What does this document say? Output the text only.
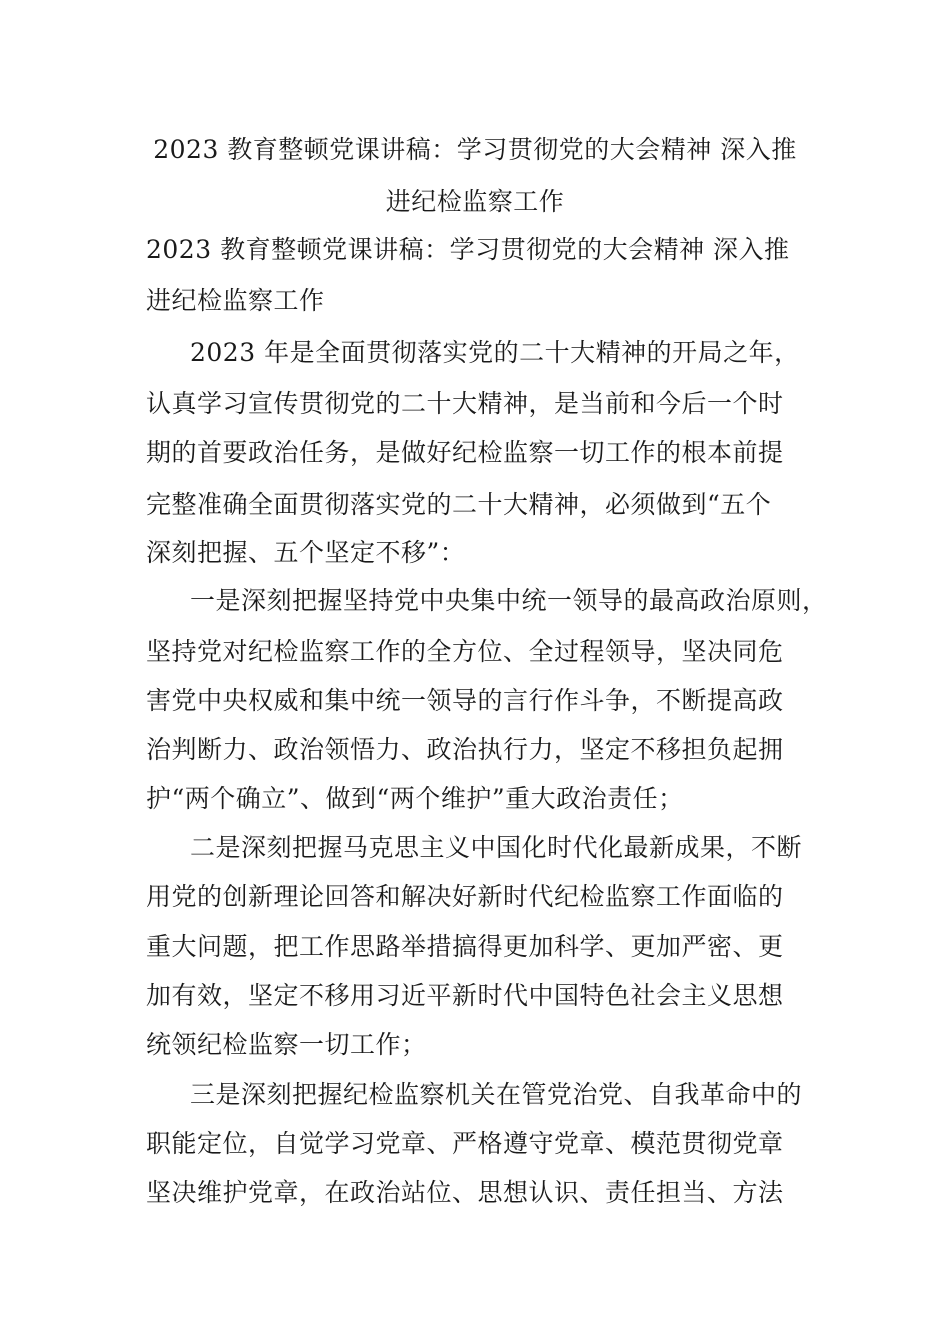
2023 教育整顿党课讲稿：学习贯彻党的大会精神 深入推
进纪检监察工作
2023 教育整顿党课讲稿：学习贯彻党的大会精神 深入推
进纪检监察工作
2023 年是全面贯彻落实党的二十大精神的开局之年，
认真学习宣传贯彻党的二十大精神，是当前和今后一个时
期的首要政治任务，是做好纪检监察一切工作的根本前提
完整准确全面贯彻落实党的二十大精神，必须做到“五个
深刻把握、五个坚定不移”：
一是深刻把握坚持党中央集中统一领导的最高政治原则，
坚持党对纪检监察工作的全方位、全过程领导，坚决同危
害党中央权威和集中统一领导的言行作斗争，不断提高政
治判断力、政治领悟力、政治执行力，坚定不移担负起拥
护“两个确立”、做到“两个维护”重大政治责任；
二是深刻把握马克思主义中国化时代化最新成果，不断
用党的创新理论回答和解决好新时代纪检监察工作面临的
重大问题，把工作思路举措搞得更加科学、更加严密、更
加有效，坚定不移用习近平新时代中国特色社会主义思想
统领纪检监察一切工作；
三是深刻把握纪检监察机关在管党治党、自我革命中的
职能定位，自觉学习党章、严格遵守党章、模范贯彻党章
坚决维护党章，在政治站位、思想认识、责任担当、方法
